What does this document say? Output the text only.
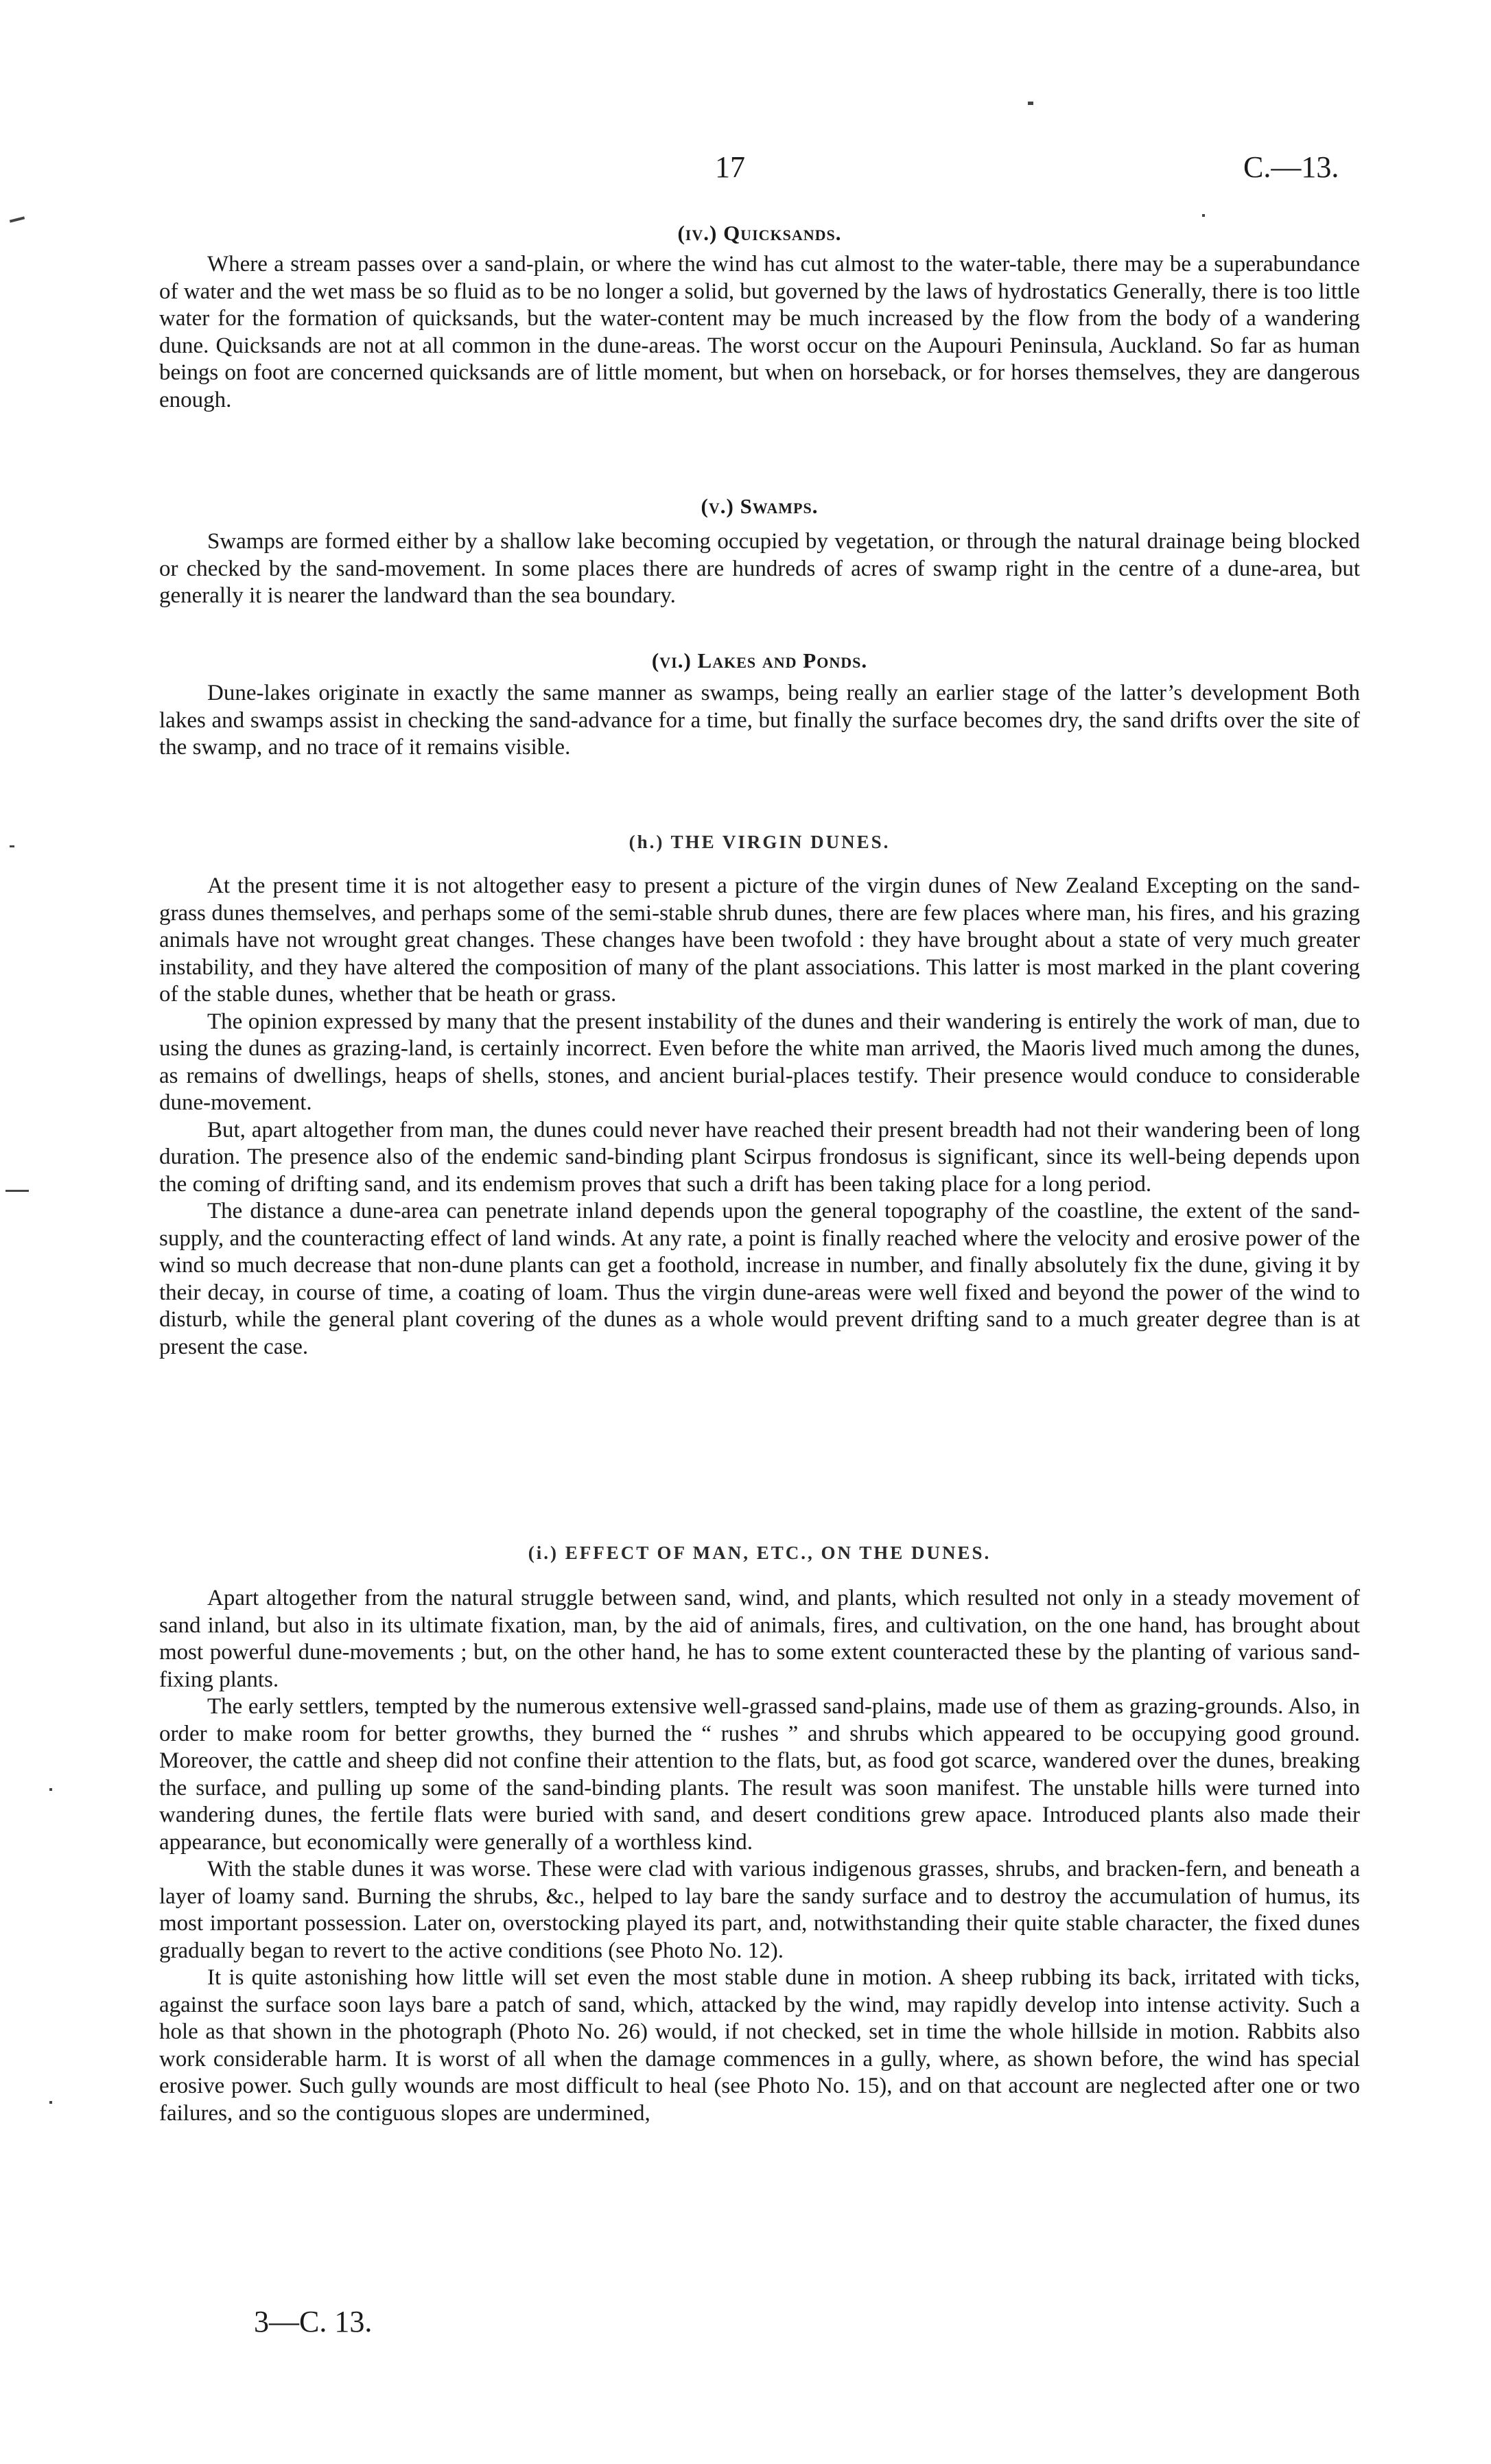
17	C.—13.
(iv.) Quicksands.

Where a stream passes over a sand-plain, or where the wind has cut almost to the water-table, there may be a superabundance of water and the wet mass be so fluid as to be no longer a solid, but governed by the laws of hydrostatics Generally, there is too little water for the formation of quicksands, but the water-content may be much increased by the flow from the body of a wandering dune. Quicksands are not at all common in the dune-areas. The worst occur on the Aupouri Peninsula, Auckland. So far as human beings on foot are concerned quicksands are of little moment, but when on horseback, or for horses themselves, they are dangerous enough.

(v.) Swamps.

Swamps are formed either by a shallow lake becoming occupied by vegetation, or through the natural drainage being blocked or checked by the sand-movement. In some places there are hundreds of acres of swamp right in the centre of a dune-area, but generally it is nearer the landward than the sea boundary.

(vi.) Lakes and Ponds.

Dune-lakes originate in exactly the same manner as swamps, being really an earlier stage of the latter’s development Both lakes and swamps assist in checking the sand-advance for a time, but finally the surface becomes dry, the sand drifts over the site of the swamp, and no trace of it remains visible.

(h.) THE VIRGIN DUNES.

At the present time it is not altogether easy to present a picture of the virgin dunes of New Zealand Excepting on the sand-grass dunes themselves, and perhaps some of the semi-stable shrub dunes, there are few places where man, his fires, and his grazing animals have not wrought great changes. These changes have been twofold : they have brought about a state of very much greater instability, and they have altered the composition of many of the plant associations. This latter is most marked in the plant covering of the stable dunes, whether that be heath or grass.

The opinion expressed by many that the present instability of the dunes and their wandering is entirely the work of man, due to using the dunes as grazing-land, is certainly incorrect. Even before the white man arrived, the Maoris lived much among the dunes, as remains of dwellings, heaps of shells, stones, and ancient burial-places testify. Their presence would conduce to considerable dune-movement.

But, apart altogether from man, the dunes could never have reached their present breadth had not their wandering been of long duration. The presence also of the endemic sand-binding plant Scirpus frondosus is significant, since its well-being depends upon the coming of drifting sand, and its endemism proves that such a drift has been taking place for a long period.

The distance a dune-area can penetrate inland depends upon the general topography of the coastline, the extent of the sand-supply, and the counteracting effect of land winds. At any rate, a point is finally reached where the velocity and erosive power of the wind so much decrease that non-dune plants can get a foothold, increase in number, and finally absolutely fix the dune, giving it by their decay, in course of time, a coating of loam. Thus the virgin dune-areas were well fixed and beyond the power of the wind to disturb, while the general plant covering of the dunes as a whole would prevent drifting sand to a much greater degree than is at present the case.

(i.) EFFECT OF MAN, ETC., ON THE DUNES.

Apart altogether from the natural struggle between sand, wind, and plants, which resulted not only in a steady movement of sand inland, but also in its ultimate fixation, man, by the aid of animals, fires, and cultivation, on the one hand, has brought about most powerful dune-movements ; but, on the other hand, he has to some extent counteracted these by the planting of various sand-fixing plants.

The early settlers, tempted by the numerous extensive well-grassed sand-plains, made use of them as grazing-grounds. Also, in order to make room for better growths, they burned the “ rushes ” and shrubs which appeared to be occupying good ground. Moreover, the cattle and sheep did not confine their attention to the flats, but, as food got scarce, wandered over the dunes, breaking the surface, and pulling up some of the sand-binding plants. The result was soon manifest. The unstable hills were turned into wandering dunes, the fertile flats were buried with sand, and desert conditions grew apace. Introduced plants also made their appearance, but economically were generally of a worthless kind.

With the stable dunes it was worse. These were clad with various indigenous grasses, shrubs, and bracken-fern, and beneath a layer of loamy sand. Burning the shrubs, &c., helped to lay bare the sandy surface and to destroy the accumulation of humus, its most important possession. Later on, overstocking played its part, and, notwithstanding their quite stable character, the fixed dunes gradually began to revert to the active conditions (see Photo No. 12).

It is quite astonishing how little will set even the most stable dune in motion. A sheep rubbing its back, irritated with ticks, against the surface soon lays bare a patch of sand, which, attacked by the wind, may rapidly develop into intense activity. Such a hole as that shown in the photograph (Photo No. 26) would, if not checked, set in time the whole hillside in motion. Rabbits also work considerable harm. It is worst of all when the damage commences in a gully, where, as shown before, the wind has special erosive power. Such gully wounds are most difficult to heal (see Photo No. 15), and on that account are neglected after one or two failures, and so the contiguous slopes are undermined,

3—C. 13.
